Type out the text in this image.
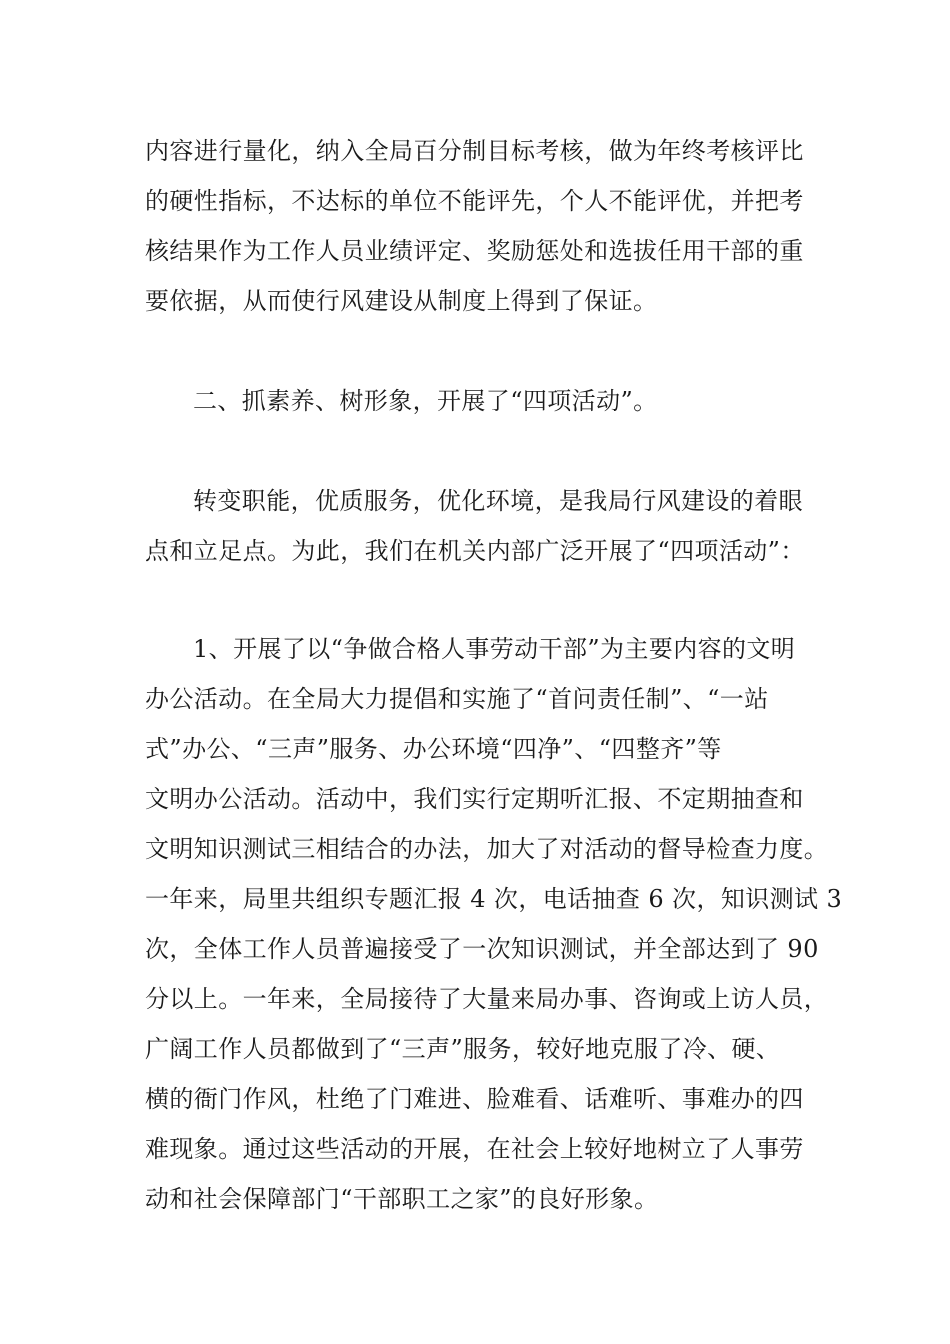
内容进行量化，纳入全局百分制目标考核，做为年终考核评比
的硬性指标，不达标的单位不能评先，个人不能评优，并把考
核结果作为工作人员业绩评定、奖励惩处和选拔任用干部的重
要依据，从而使行风建设从制度上得到了保证。
二、抓素养、树形象，开展了“四项活动”。
转变职能，优质服务，优化环境，是我局行风建设的着眼
点和立足点。为此，我们在机关内部广泛开展了“四项活动”：
1、开展了以“争做合格人事劳动干部”为主要内容的文明
办公活动。在全局大力提倡和实施了“首问责任制”、“一站
式”办公、“三声”服务、办公环境“四净”、“四整齐”等
文明办公活动。活动中，我们实行定期听汇报、不定期抽查和
文明知识测试三相结合的办法，加大了对活动的督导检查力度。
一年来，局里共组织专题汇报 4 次，电话抽查 6 次，知识测试 3
次，全体工作人员普遍接受了一次知识测试，并全部达到了 90
分以上。一年来，全局接待了大量来局办事、咨询或上访人员，
广阔工作人员都做到了“三声”服务，较好地克服了冷、硬、
横的衙门作风，杜绝了门难进、脸难看、话难听、事难办的四
难现象。通过这些活动的开展，在社会上较好地树立了人事劳
动和社会保障部门“干部职工之家”的良好形象。
